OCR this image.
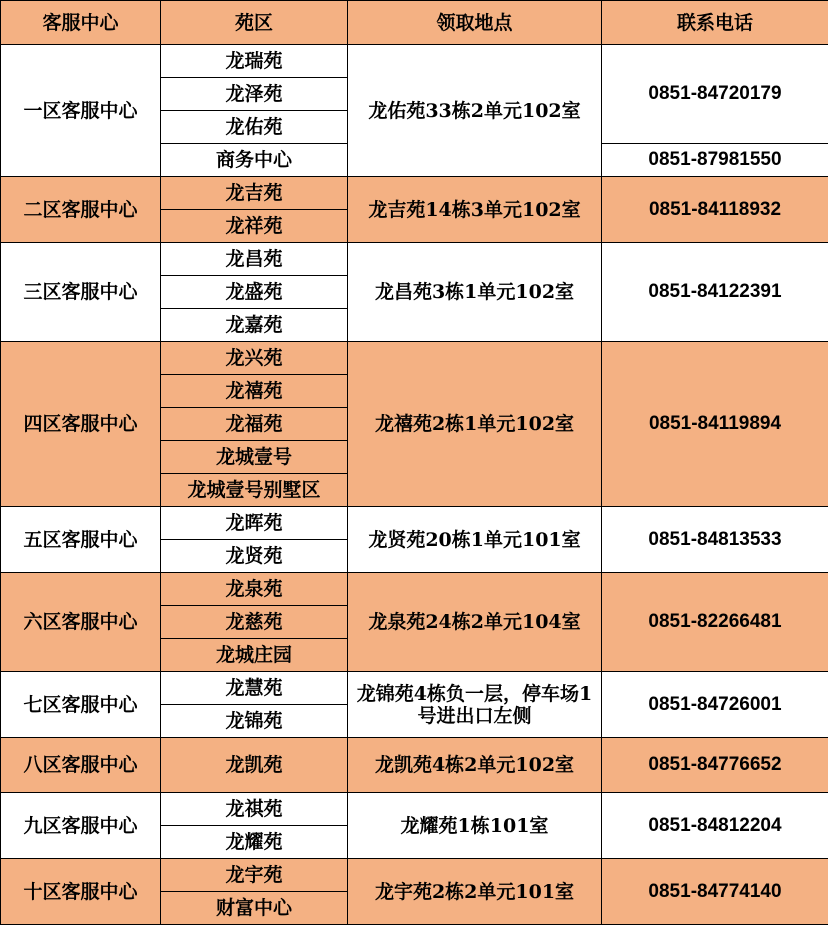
客服中心	苑区	领取地点	联系电话
一区客服中心	龙瑞苑	龙佑苑33栋2单元102室	0851-84720179
	龙泽苑		
	龙佑苑		
	商务中心		0851-87981550
二区客服中心	龙吉苑	龙吉苑14栋3单元102室	0851-84118932
	龙祥苑		
三区客服中心	龙昌苑	龙昌苑3栋1单元102室	0851-84122391
	龙盛苑		
	龙嘉苑		
四区客服中心	龙兴苑	龙禧苑2栋1单元102室	0851-84119894
	龙禧苑		
	龙福苑		
	龙城壹号		
	龙城壹号别墅区		
五区客服中心	龙晖苑	龙贤苑20栋1单元101室	0851-84813533
	龙贤苑		
六区客服中心	龙泉苑	龙泉苑24栋2单元104室	0851-82266481
	龙慈苑		
	龙城庄园		
七区客服中心	龙慧苑	龙锦苑4栋负一层，停车场1号进出口左侧	0851-84726001
	龙锦苑		
八区客服中心	龙凯苑	龙凯苑4栋2单元102室	0851-84776652
九区客服中心	龙祺苑	龙耀苑1栋101室	0851-84812204
	龙耀苑		
十区客服中心	龙宇苑	龙宇苑2栋2单元101室	0851-84774140
	财富中心		
